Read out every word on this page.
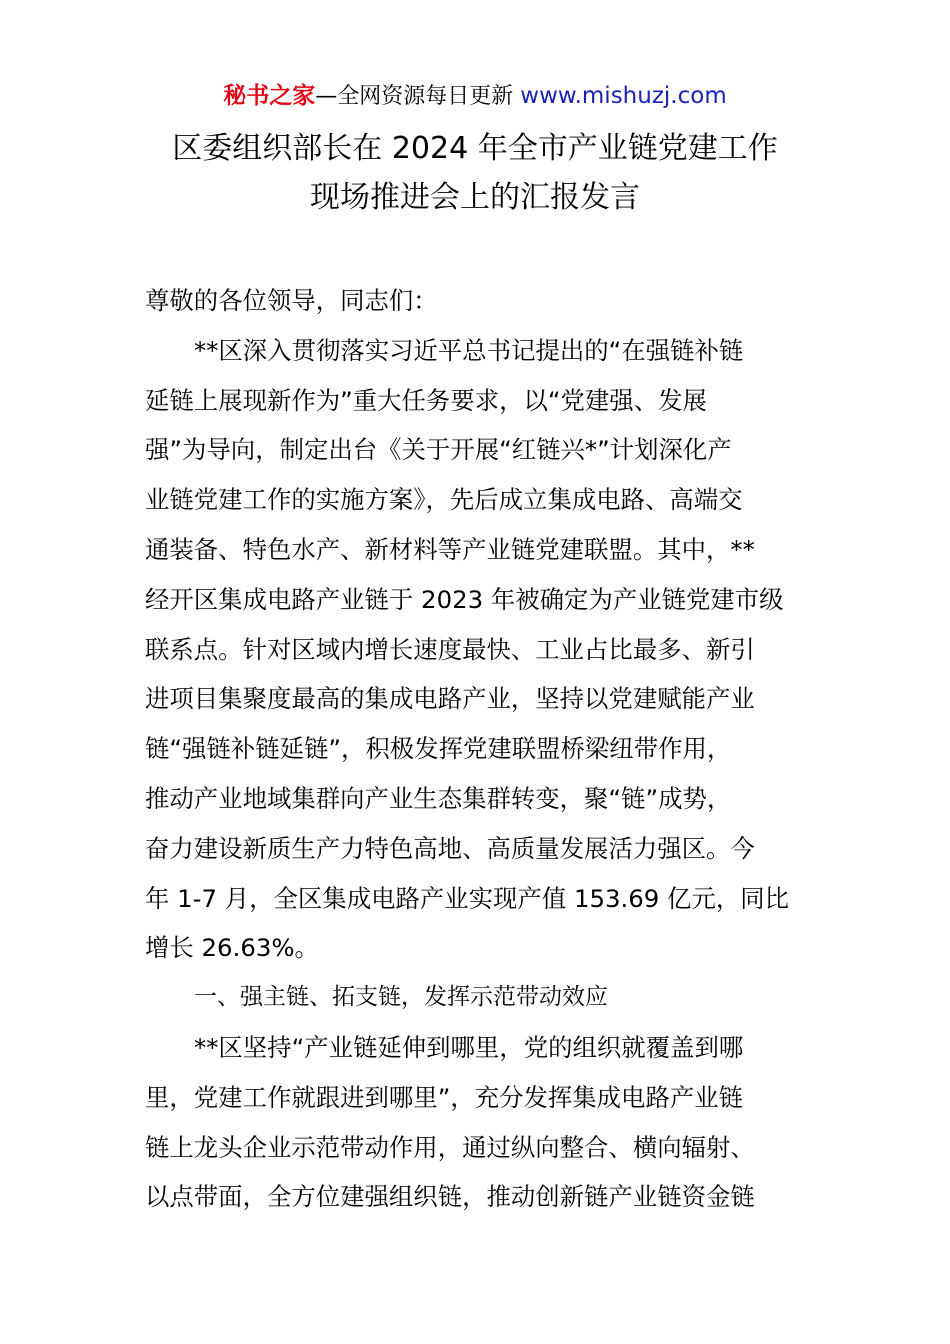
秘书之家—全网资源每日更新 www.mishuzj.com
区委组织部长在 2024 年全市产业链党建工作
现场推进会上的汇报发言
尊敬的各位领导，同志们：
**区深入贯彻落实习近平总书记提出的“在强链补链
延链上展现新作为”重大任务要求，以“党建强、发展
强”为导向，制定出台《关于开展“红链兴*”计划深化产
业链党建工作的实施方案》，先后成立集成电路、高端交
通装备、特色水产、新材料等产业链党建联盟。其中，**
经开区集成电路产业链于 2023 年被确定为产业链党建市级
联系点。针对区域内增长速度最快、工业占比最多、新引
进项目集聚度最高的集成电路产业，坚持以党建赋能产业
链“强链补链延链”，积极发挥党建联盟桥梁纽带作用，
推动产业地域集群向产业生态集群转变，聚“链”成势，
奋力建设新质生产力特色高地、高质量发展活力强区。今
年 1-7 月，全区集成电路产业实现产值 153.69 亿元，同比
增长 26.63%。
一、强主链、拓支链，发挥示范带动效应
**区坚持“产业链延伸到哪里，党的组织就覆盖到哪
里，党建工作就跟进到哪里”，充分发挥集成电路产业链
链上龙头企业示范带动作用，通过纵向整合、横向辐射、
以点带面，全方位建强组织链，推动创新链产业链资金链
